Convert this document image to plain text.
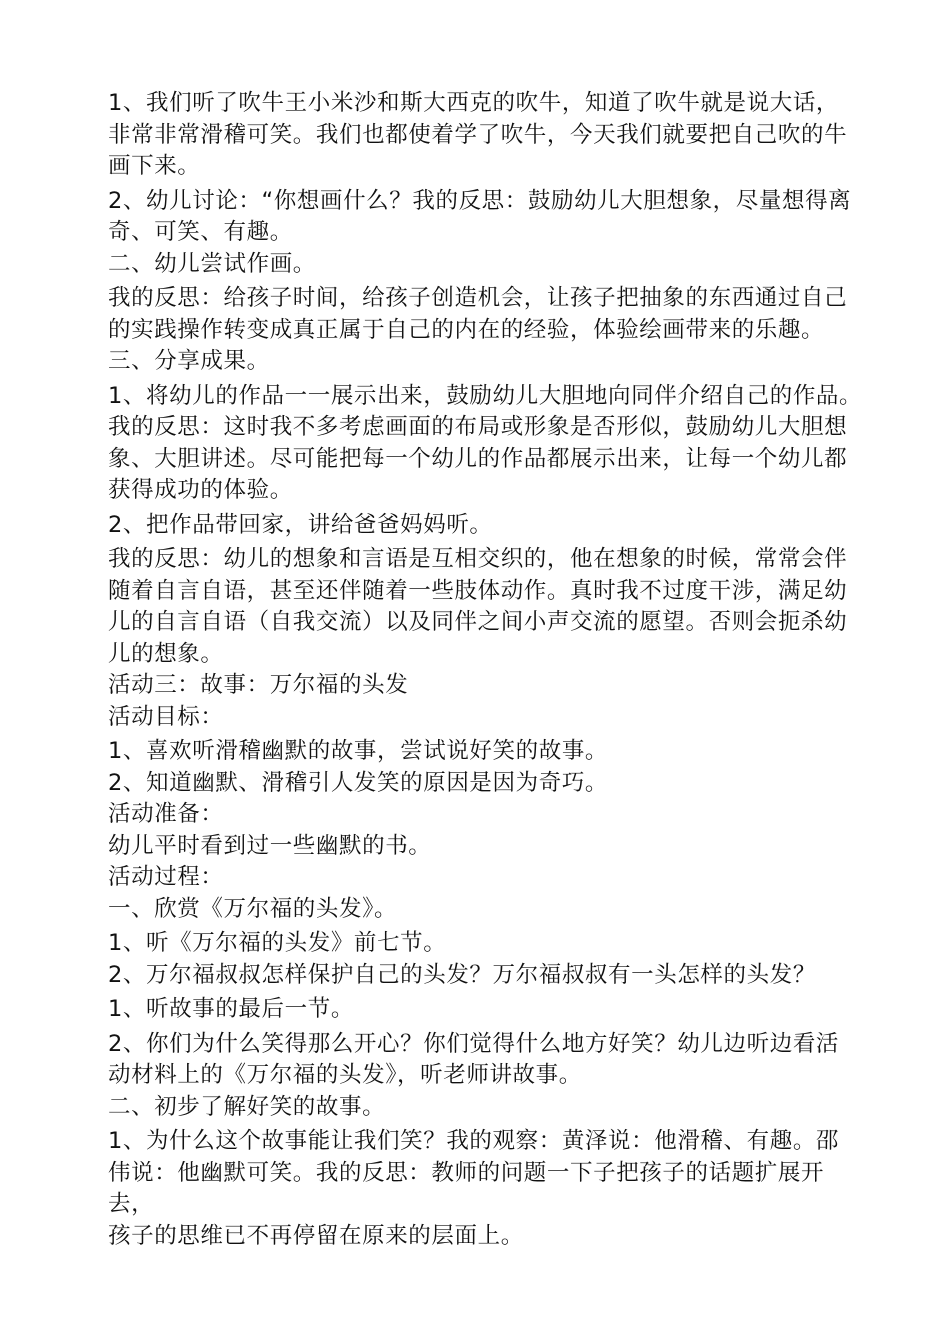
1、我们听了吹牛王小米沙和斯大西克的吹牛，知道了吹牛就是说大话，
非常非常滑稽可笑。我们也都使着学了吹牛，今天我们就要把自己吹的牛
画下来。

2、幼儿讨论：“你想画什么？我的反思：鼓励幼儿大胆想象，尽量想得离
奇、可笑、有趣。

二、幼儿尝试作画。

我的反思：给孩子时间，给孩子创造机会，让孩子把抽象的东西通过自己
的实践操作转变成真正属于自己的内在的经验，体验绘画带来的乐趣。

三、分享成果。

1、将幼儿的作品一一展示出来，鼓励幼儿大胆地向同伴介绍自己的作品。
我的反思：这时我不多考虑画面的布局或形象是否形似，鼓励幼儿大胆想
象、大胆讲述。尽可能把每一个幼儿的作品都展示出来，让每一个幼儿都
获得成功的体验。

2、把作品带回家，讲给爸爸妈妈听。

我的反思：幼儿的想象和言语是互相交织的，他在想象的时候，常常会伴
随着自言自语，甚至还伴随着一些肢体动作。真时我不过度干涉，满足幼
儿的自言自语（自我交流）以及同伴之间小声交流的愿望。否则会扼杀幼
儿的想象。

活动三：故事：万尔福的头发

活动目标：

1、喜欢听滑稽幽默的故事，尝试说好笑的故事。

2、知道幽默、滑稽引人发笑的原因是因为奇巧。

活动准备：

幼儿平时看到过一些幽默的书。

活动过程：

一、欣赏《万尔福的头发》。

1、听《万尔福的头发》前七节。

2、万尔福叔叔怎样保护自己的头发？万尔福叔叔有一头怎样的头发？

1、听故事的最后一节。

2、你们为什么笑得那么开心？你们觉得什么地方好笑？幼儿边听边看活
动材料上的《万尔福的头发》，听老师讲故事。

二、初步了解好笑的故事。

1、为什么这个故事能让我们笑？我的观察：黄泽说：他滑稽、有趣。邵
伟说：他幽默可笑。我的反思：教师的问题一下子把孩子的话题扩展开去，
孩子的思维已不再停留在原来的层面上。
